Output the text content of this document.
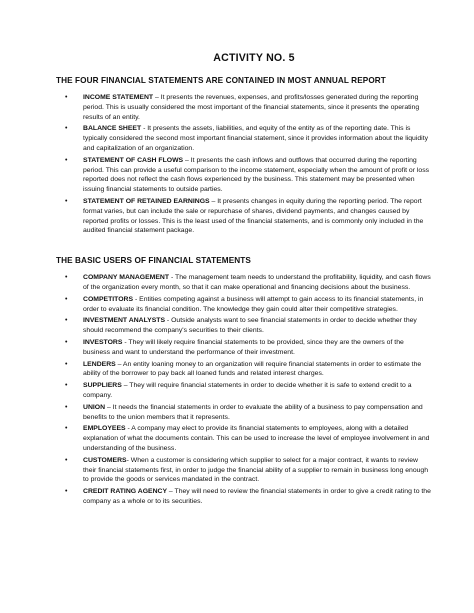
ACTIVITY NO. 5
THE FOUR FINANCIAL STATEMENTS ARE CONTAINED IN MOST ANNUAL REPORT
• INCOME STATEMENT – It presents the revenues, expenses, and profits/losses generated during the reporting period. This is usually considered the most important of the financial statements, since it presents the operating results of an entity.
• BALANCE SHEET - It presents the assets, liabilities, and equity of the entity as of the reporting date. This is typically considered the second most important financial statement, since it provides information about the liquidity and capitalization of an organization.
• STATEMENT OF CASH FLOWS – It presents the cash inflows and outflows that occurred during the reporting period. This can provide a useful comparison to the income statement, especially when the amount of profit or loss reported does not reflect the cash flows experienced by the business. This statement may be presented when issuing financial statements to outside parties.
• STATEMENT OF RETAINED EARNINGS – It presents changes in equity during the reporting period. The report format varies, but can include the sale or repurchase of shares, dividend payments, and changes caused by reported profits or losses. This is the least used of the financial statements, and is commonly only included in the audited financial statement package.
THE BASIC USERS OF FINANCIAL STATEMENTS
• COMPANY MANAGEMENT - The management team needs to understand the profitability, liquidity, and cash flows of the organization every month, so that it can make operational and financing decisions about the business.
• COMPETITORS - Entities competing against a business will attempt to gain access to its financial statements, in order to evaluate its financial condition. The knowledge they gain could alter their competitive strategies.
• INVESTMENT ANALYSTS - Outside analysts want to see financial statements in order to decide whether they should recommend the company's securities to their clients.
• INVESTORS - They will likely require financial statements to be provided, since they are the owners of the business and want to understand the performance of their investment.
• LENDERS – An entity loaning money to an organization will require financial statements in order to estimate the ability of the borrower to pay back all loaned funds and related interest charges.
• SUPPLIERS – They will require financial statements in order to decide whether it is safe to extend credit to a company.
• UNION – It needs the financial statements in order to evaluate the ability of a business to pay compensation and benefits to the union members that it represents.
• EMPLOYEES - A company may elect to provide its financial statements to employees, along with a detailed explanation of what the documents contain. This can be used to increase the level of employee involvement in and understanding of the business.
• CUSTOMERS- When a customer is considering which supplier to select for a major contract, it wants to review their financial statements first, in order to judge the financial ability of a supplier to remain in business long enough to provide the goods or services mandated in the contract.
• CREDIT RATING AGENCY – They will need to review the financial statements in order to give a credit rating to the company as a whole or to its securities.
